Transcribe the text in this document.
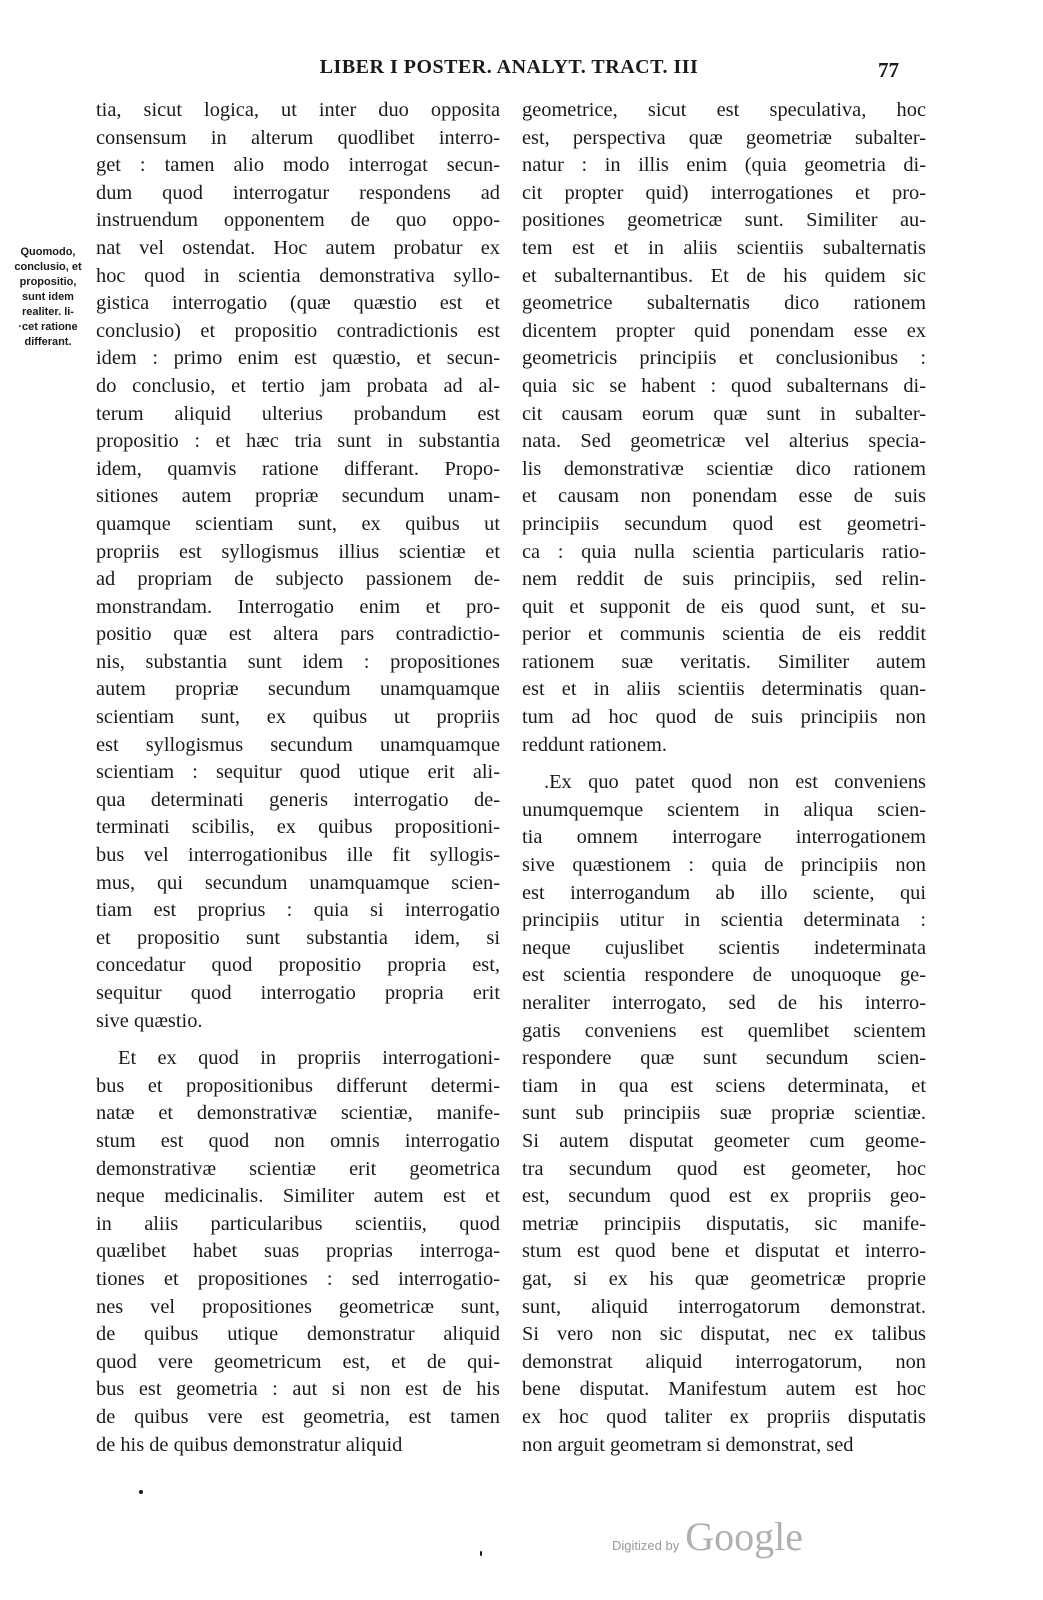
LIBER I POSTER. ANALYT. TRACT. III	77
Quomodo,
conclusio, et
propositio,
sunt idem
realiter. li-
·cet ratione
differant.
tia, sicut logica, ut inter duo opposita
consensum in alterum quodlibet interro-
get : tamen alio modo interrogat secun-
dum quod interrogatur respondens ad
instruendum opponentem de quo oppo-
nat vel ostendat. Hoc autem probatur ex
hoc quod in scientia demonstrativa syllo-
gistica interrogatio (quæ quæstio est et
conclusio) et propositio contradictionis est
idem : primo enim est quæstio, et secun-
do conclusio, et tertio jam probata ad al-
terum aliquid ulterius probandum est
propositio : et hæc tria sunt in substantia
idem, quamvis ratione differant. Propo-
sitiones autem propriæ secundum unam-
quamque scientiam sunt, ex quibus ut
propriis est syllogismus illius scientiæ et
ad propriam de subjecto passionem de-
monstrandam. Interrogatio enim et pro-
positio quæ est altera pars contradictio-
nis, substantia sunt idem : propositiones
autem propriæ secundum unamquamque
scientiam sunt, ex quibus ut propriis
est syllogismus secundum unamquamque
scientiam : sequitur quod utique erit ali-
qua determinati generis interrogatio de-
terminati scibilis, ex quibus propositioni-
bus vel interrogationibus ille fit syllogis-
mus, qui secundum unamquamque scien-
tiam est proprius : quia si interrogatio
et propositio sunt substantia idem, si
concedatur quod propositio propria est,
sequitur quod interrogatio propria erit
sive quæstio.
Et ex quod in propriis interrogationi-
bus et propositionibus differunt determi-
natæ et demonstrativæ scientiæ, manife-
stum est quod non omnis interrogatio
demonstrativæ scientiæ erit geometrica
neque medicinalis. Similiter autem est et
in aliis particularibus scientiis, quod
quælibet habet suas proprias interroga-
tiones et propositiones : sed interrogatio-
nes vel propositiones geometricæ sunt,
de quibus utique demonstratur aliquid
quod vere geometricum est, et de qui-
bus est geometria : aut si non est de his
de quibus vere est geometria, est tamen
de his de quibus demonstratur aliquid
geometrice, sicut est speculativa, hoc
est, perspectiva quæ geometriæ subalter-
natur : in illis enim (quia geometria di-
cit propter quid) interrogationes et pro-
positiones geometricæ sunt. Similiter au-
tem est et in aliis scientiis subalternatis
et subalternantibus. Et de his quidem sic
geometrice subalternatis dico rationem
dicentem propter quid ponendam esse ex
geometricis principiis et conclusionibus :
quia sic se habent : quod subalternans di-
cit causam eorum quæ sunt in subalter-
nata. Sed geometricæ vel alterius specia-
lis demonstrativæ scientiæ dico rationem
et causam non ponendam esse de suis
principiis secundum quod est geometri-
ca : quia nulla scientia particularis ratio-
nem reddit de suis principiis, sed relin-
quit et supponit de eis quod sunt, et su-
perior et communis scientia de eis reddit
rationem suæ veritatis. Similiter autem
est et in aliis scientiis determinatis quan-
tum ad hoc quod de suis principiis non
reddunt rationem.
.Ex quo patet quod non est conveniens
unumquemque scientem in aliqua scien-
tia omnem interrogare interrogationem
sive quæstionem : quia de principiis non
est interrogandum ab illo sciente, qui
principiis utitur in scientia determinata :
neque cujuslibet scientis indeterminata
est scientia respondere de unoquoque ge-
neraliter interrogato, sed de his interro-
gatis conveniens est quemlibet scientem
respondere quæ sunt secundum scien-
tiam in qua est sciens determinata, et
sunt sub principiis suæ propriæ scientiæ.
Si autem disputat geometer cum geome-
tra secundum quod est geometer, hoc
est, secundum quod est ex propriis geo-
metriæ principiis disputatis, sic manife-
stum est quod bene et disputat et interro-
gat, si ex his quæ geometricæ proprie
sunt, aliquid interrogatorum demonstrat.
Si vero non sic disputat, nec ex talibus
demonstrat aliquid interrogatorum, non
bene disputat. Manifestum autem est hoc
ex hoc quod taliter ex propriis disputatis
non arguit geometram si demonstrat, sed
Digitized by Google
